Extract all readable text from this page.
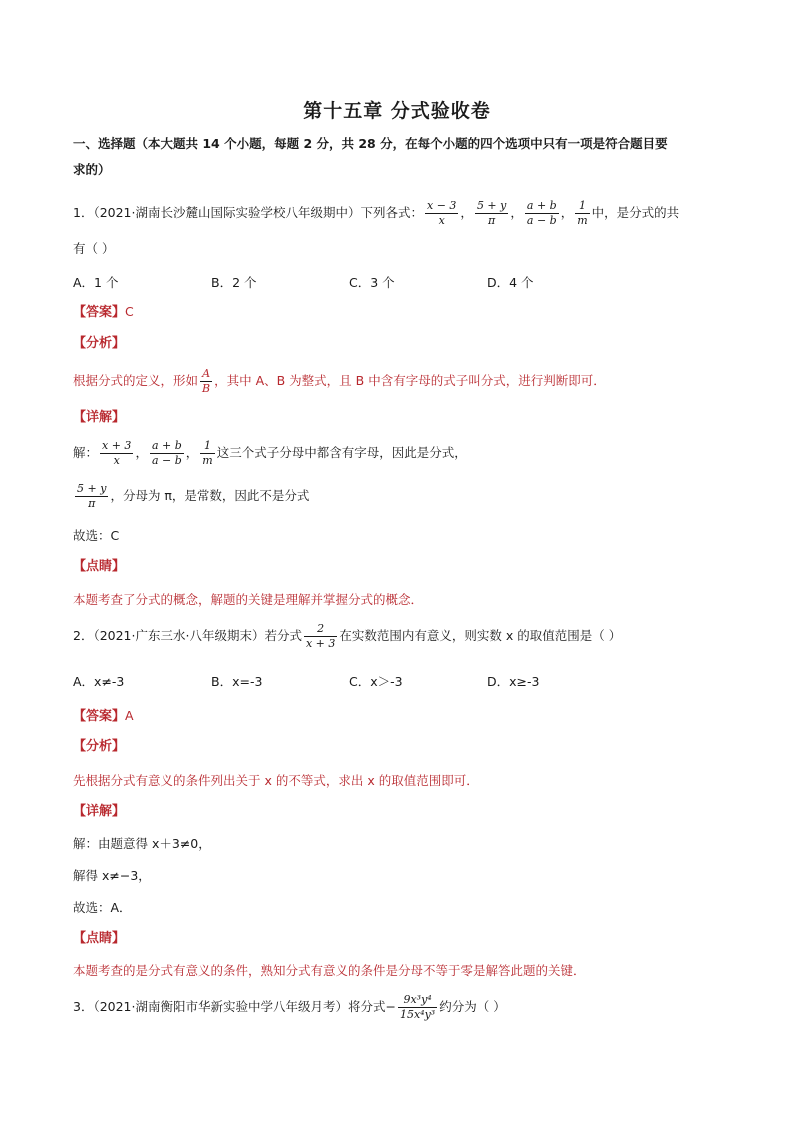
第十五章 分式验收卷
一、选择题（本大题共 14 个小题，每题 2 分，共 28 分，在每个小题的四个选项中只有一项是符合题目要
求的）
1．（2021·湖南长沙麓山国际实验学校八年级期中）下列各式： $\frac{x - 3}{x}$ ， $\frac{5 + y}{\pi}$ ， $\frac{a + b}{a - b}$ ， $\frac{1}{m}$ 中，是分式的共
有（ ）
A．1 个	B．2 个	C．3 个	D．4 个
【答案】C
【分析】
根据分式的定义，形如 $\frac{A}{B}$ ，其中 A、B 为整式，且 B 中含有字母的式子叫分式，进行判断即可．
【详解】
解： $\frac{x + 3}{x}$ ， $\frac{a + b}{a - b}$ ， $\frac{1}{m}$ 这三个式子分母中都含有字母，因此是分式，
$\frac{5 + y}{\pi}$ ，分母为 π，是常数，因此不是分式
故选：C
【点睛】
本题考查了分式的概念，解题的关键是理解并掌握分式的概念．
2．（2021·广东三水·八年级期末）若分式 $\frac{2}{x + 3}$ 在实数范围内有意义，则实数 x 的取值范围是（ ）
A．x≠-3	B．x=-3	C．x＞-3	D．x≥-3
【答案】A
【分析】
先根据分式有意义的条件列出关于 x 的不等式，求出 x 的取值范围即可．
【详解】
解：由题意得 x＋3≠0，
解得 x≠−3，
故选：A．
【点睛】
本题考查的是分式有意义的条件，熟知分式有意义的条件是分母不等于零是解答此题的关键．
3．（2021·湖南衡阳市华新实验中学八年级月考）将分式− $\frac{\text{9x³y⁴}}{\text{15x⁴y³}}$ 约分为（ ）
